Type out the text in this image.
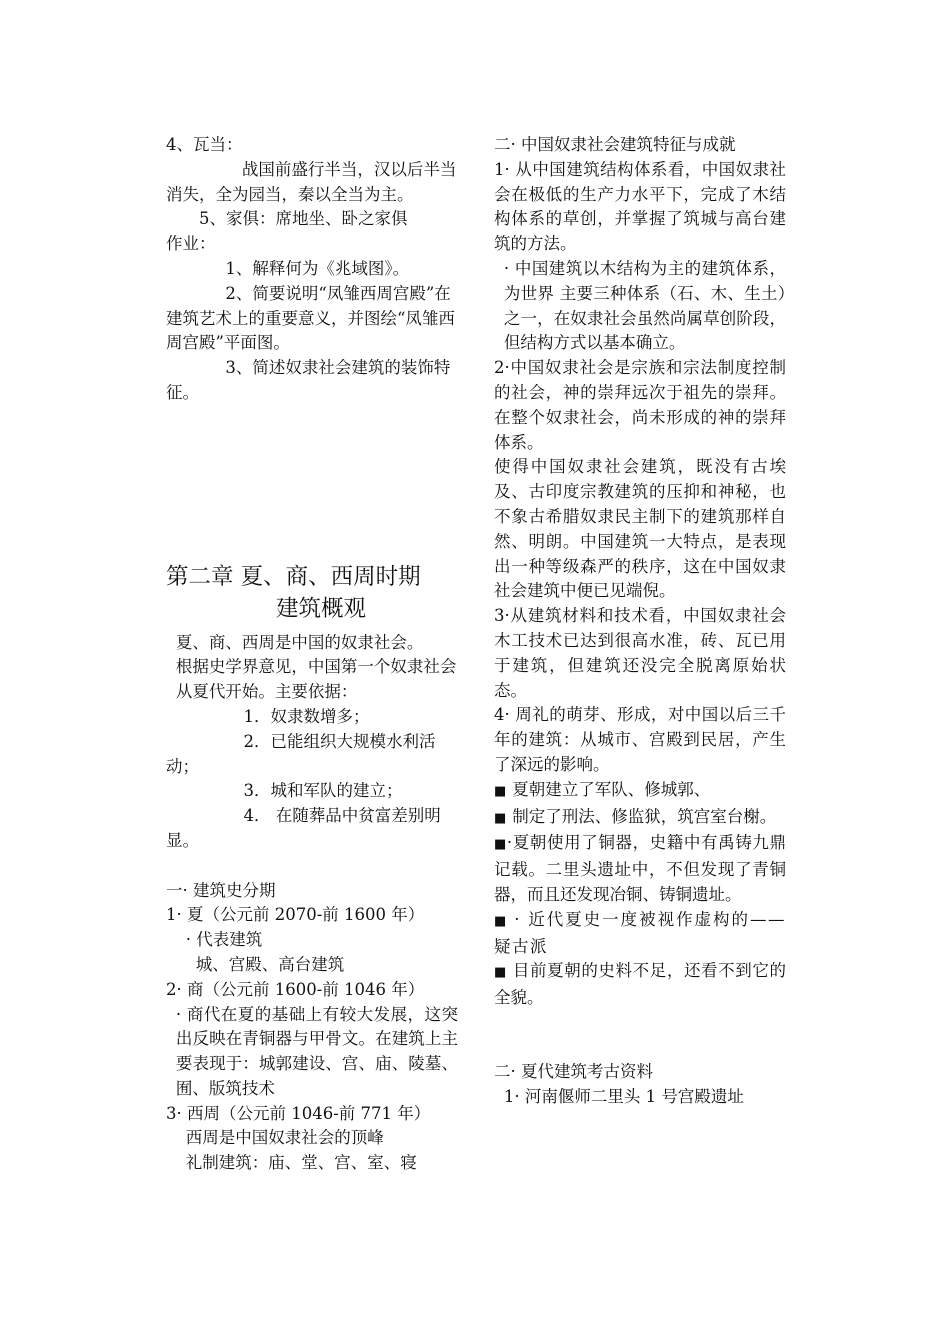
4、瓦当：

战国前盛行半当，汉以后半当消失，全为园当，秦以全当为主。

5、家俱：席地坐、卧之家俱

作业：

1、解释何为《兆域图》。

2、简要说明“凤雏西周宫殿”在建筑艺术上的重要意义，并图绘“凤雏西周宫殿”平面图。

3、简述奴隶社会建筑的装饰特征。

第二章 夏、商、西周时期
建筑概观

夏、商、西周是中国的奴隶社会。

根据史学界意见，中国第一个奴隶社会从夏代开始。主要依据：

1．奴隶数增多；

2．已能组织大规模水利活动；

3．城和军队的建立；

4． 在随葬品中贫富差别明显。

一· 建筑史分期

1· 夏（公元前 2070-前 1600 年）

· 代表建筑

城、宫殿、高台建筑

2· 商（公元前 1600-前 1046 年）

· 商代在夏的基础上有较大发展，这突出反映在青铜器与甲骨文。在建筑上主要表现于：城郭建设、宫、庙、陵墓、囿、版筑技术

3· 西周（公元前 1046-前 771 年）

西周是中国奴隶社会的顶峰

礼制建筑：庙、堂、宫、室、寝

二· 中国奴隶社会建筑特征与成就

1· 从中国建筑结构体系看，中国奴隶社会在极低的生产力水平下，完成了木结构体系的草创，并掌握了筑城与高台建筑的方法。

· 中国建筑以木结构为主的建筑体系，为世界 主要三种体系（石、木、生土）之一，在奴隶社会虽然尚属草创阶段，但结构方式以基本确立。

2·中国奴隶社会是宗族和宗法制度控制的社会，神的崇拜远次于祖先的崇拜。在整个奴隶社会，尚未形成的神的崇拜体系。

使得中国奴隶社会建筑，既没有古埃及、古印度宗教建筑的压抑和神秘，也不象古希腊奴隶民主制下的建筑那样自然、明朗。中国建筑一大特点，是表现出一种等级森严的秩序，这在中国奴隶社会建筑中便已见端倪。

3·从建筑材料和技术看，中国奴隶社会木工技术已达到很高水准，砖、瓦已用于建筑，但建筑还没完全脱离原始状态。

4· 周礼的萌芽、形成，对中国以后三千年的建筑：从城市、宫殿到民居，产生了深远的影响。

■ 夏朝建立了军队、修城郭、

■ 制定了刑法、修监狱，筑宫室台榭。

■·夏朝使用了铜器，史籍中有禹铸九鼎记载。二里头遗址中，不但发现了青铜器，而且还发现冶铜、铸铜遗址。

■ · 近代夏史一度被视作虚构的——疑古派

■ 目前夏朝的史料不足，还看不到它的全貌。

二· 夏代建筑考古资料

1· 河南偃师二里头 1 号宫殿遗址
